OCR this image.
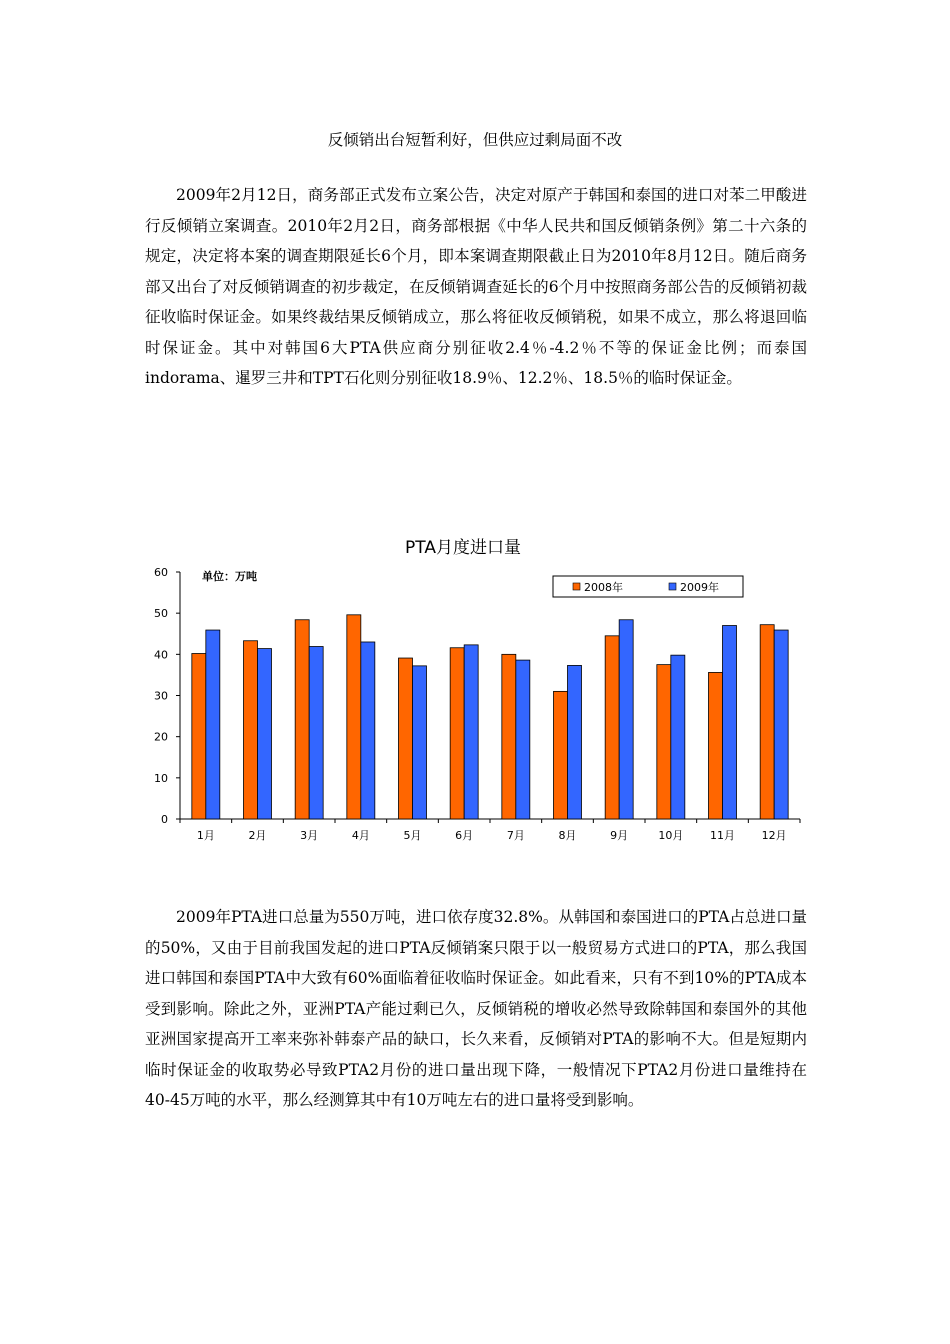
反倾销出台短暂利好，但供应过剩局面不改

2009年2月12日，商务部正式发布立案公告，决定对原产于韩国和泰国的进口对苯二甲酸进行反倾销立案调查。2010年2月2日，商务部根据《中华人民共和国反倾销条例》第二十六条的规定，决定将本案的调查期限延长6个月，即本案调查期限截止日为2010年8月12日。随后商务部又出台了对反倾销调查的初步裁定，在反倾销调查延长的6个月中按照商务部公告的反倾销初裁征收临时保证金。如果终裁结果反倾销成立，那么将征收反倾销税，如果不成立，那么将退回临时保证金。其中对韩国6大PTA供应商分别征收2.4％-4.2％不等的保证金比例；而泰国indorama、暹罗三井和TPT石化则分别征收18.9％、12.2％、18.5％的临时保证金。

PTA月度进口量
单位：万吨
0
10
20
30
40
50
60
1月	2月	3月	4月	5月	6月	7月	8月	9月	10月 11月 12月
2008年	2009年

2009年PTA进口总量为550万吨，进口依存度32.8%。从韩国和泰国进口的PTA占总进口量的50%，又由于目前我国发起的进口PTA反倾销案只限于以一般贸易方式进口的PTA，那么我国进口韩国和泰国PTA中大致有60%面临着征收临时保证金。如此看来，只有不到10%的PTA成本受到影响。除此之外，亚洲PTA产能过剩已久，反倾销税的增收必然导致除韩国和泰国外的其他亚洲国家提高开工率来弥补韩泰产品的缺口，长久来看，反倾销对PTA的影响不大。但是短期内临时保证金的收取势必导致PTA2月份的进口量出现下降，一般情况下PTA2月份进口量维持在40-45万吨的水平，那么经测算其中有10万吨左右的进口量将受到影响。
